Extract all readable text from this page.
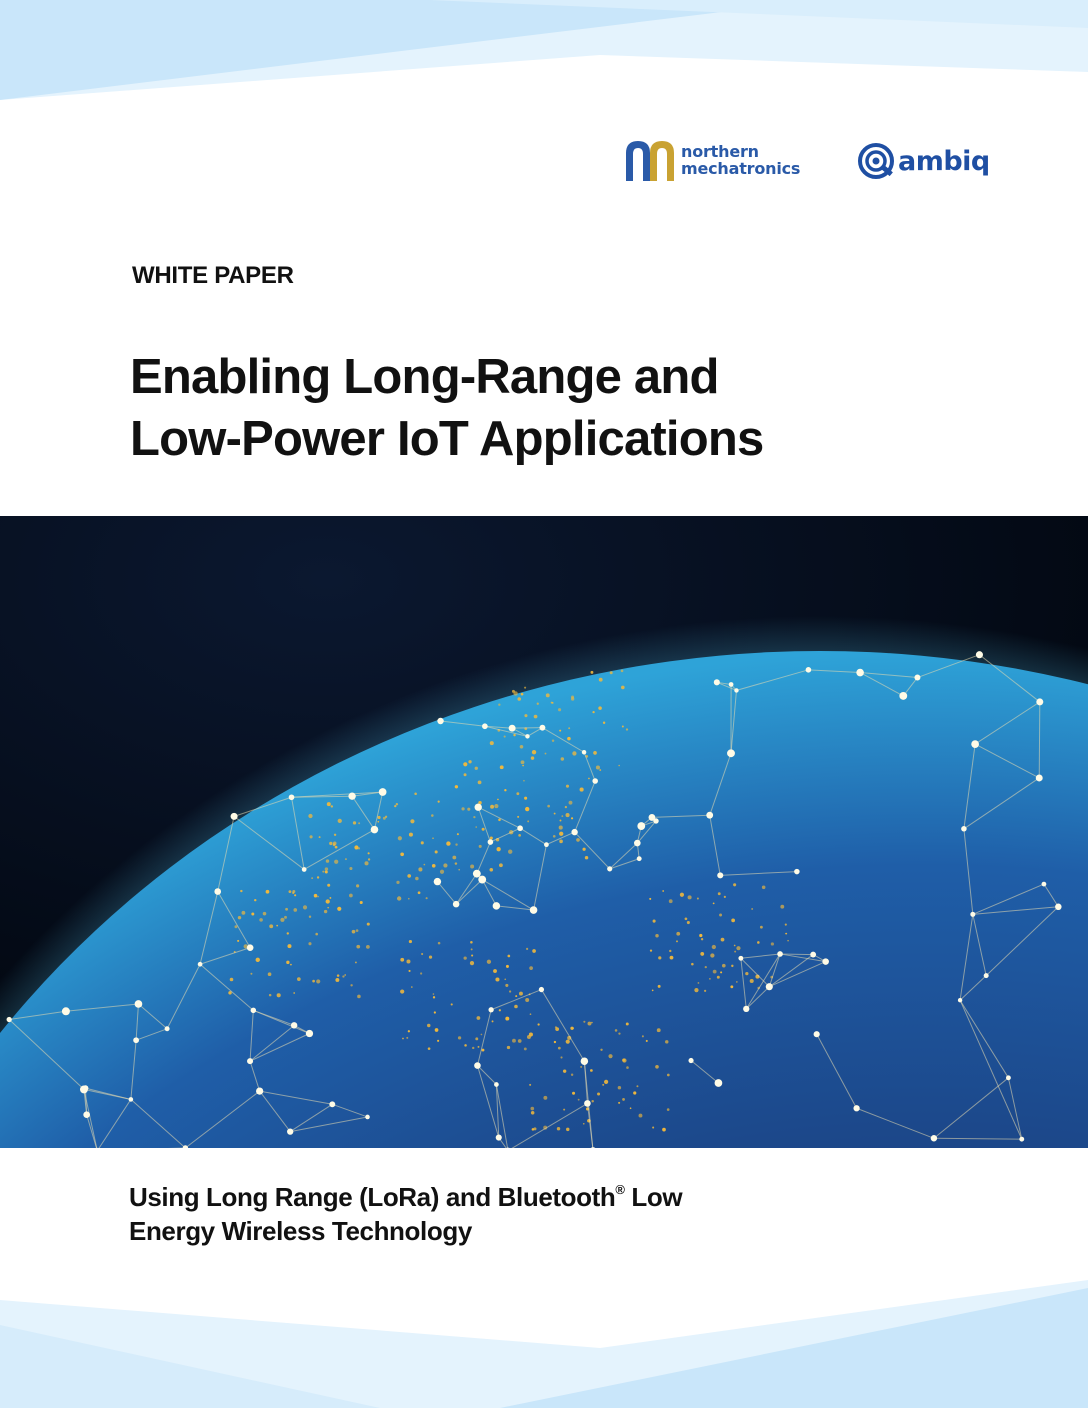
northern
mechatronics	ambiq
WHITE PAPER
Enabling Long-Range and
Low-Power IoT Applications
Using Long Range (LoRa) and Bluetooth® Low
Energy Wireless Technology
